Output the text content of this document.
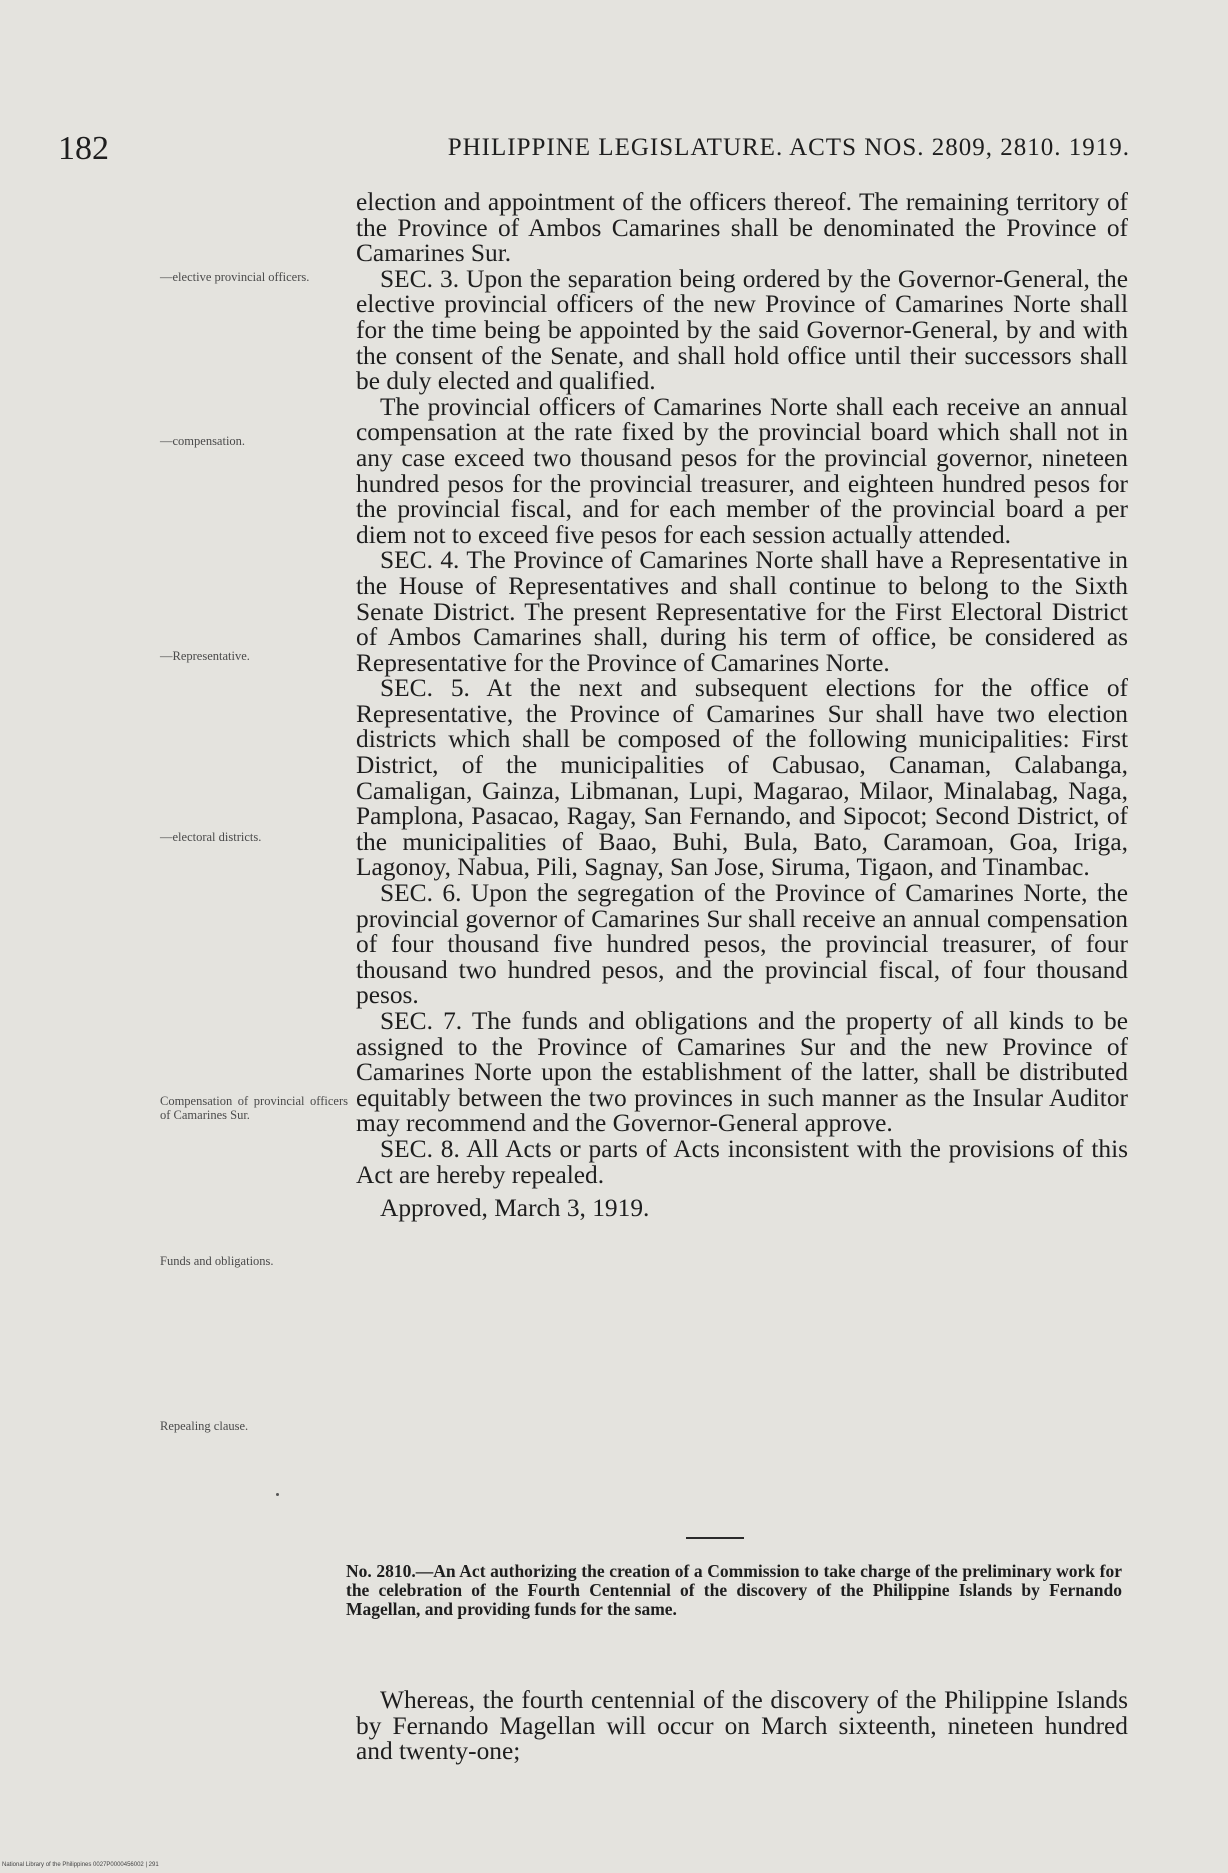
182	PHILIPPINE LEGISLATURE. ACTS NOS. 2809, 2810. 1919.
—elective provincial officers.
—compensation.
—Representative.
—electoral districts.
Compensation of provincial officers of Camarines Sur.
Funds and obligations.
Repealing clause.

election and appointment of the officers thereof. The remaining territory of the Province of Ambos Camarines shall be denominated the Province of Camarines Sur.

SEC. 3. Upon the separation being ordered by the Governor-General, the elective provincial officers of the new Province of Camarines Norte shall for the time being be appointed by the said Governor-General, by and with the consent of the Senate, and shall hold office until their successors shall be duly elected and qualified.

The provincial officers of Camarines Norte shall each receive an annual compensation at the rate fixed by the provincial board which shall not in any case exceed two thousand pesos for the provincial governor, nineteen hundred pesos for the provincial treasurer, and eighteen hundred pesos for the provincial fiscal, and for each member of the provincial board a per diem not to exceed five pesos for each session actually attended.

SEC. 4. The Province of Camarines Norte shall have a Representative in the House of Representatives and shall continue to belong to the Sixth Senate District. The present Representative for the First Electoral District of Ambos Camarines shall, during his term of office, be considered as Representative for the Province of Camarines Norte.

SEC. 5. At the next and subsequent elections for the office of Representative, the Province of Camarines Sur shall have two election districts which shall be composed of the following municipalities: First District, of the municipalities of Cabusao, Canaman, Calabanga, Camaligan, Gainza, Libmanan, Lupi, Magarao, Milaor, Minalabag, Naga, Pamplona, Pasacao, Ragay, San Fernando, and Sipocot; Second District, of the municipalities of Baao, Buhi, Bula, Bato, Caramoan, Goa, Iriga, Lagonoy, Nabua, Pili, Sagnay, San Jose, Siruma, Tigaon, and Tinambac.

SEC. 6. Upon the segregation of the Province of Camarines Norte, the provincial governor of Camarines Sur shall receive an annual compensation of four thousand five hundred pesos, the provincial treasurer, of four thousand two hundred pesos, and the provincial fiscal, of four thousand pesos.

SEC. 7. The funds and obligations and the property of all kinds to be assigned to the Province of Camarines Sur and the new Province of Camarines Norte upon the establishment of the latter, shall be distributed equitably between the two provinces in such manner as the Insular Auditor may recommend and the Governor-General approve.

SEC. 8. All Acts or parts of Acts inconsistent with the provisions of this Act are hereby repealed.

Approved, March 3, 1919.

No. 2810.—An Act authorizing the creation of a Commission to take charge of the preliminary work for the celebration of the Fourth Centennial of the discovery of the Philippine Islands by Fernando Magellan, and providing funds for the same.

Whereas, the fourth centennial of the discovery of the Philippine Islands by Fernando Magellan will occur on March sixteenth, nineteen hundred and twenty-one;

National Library of the Philippines 0027P0000456002 | 291
